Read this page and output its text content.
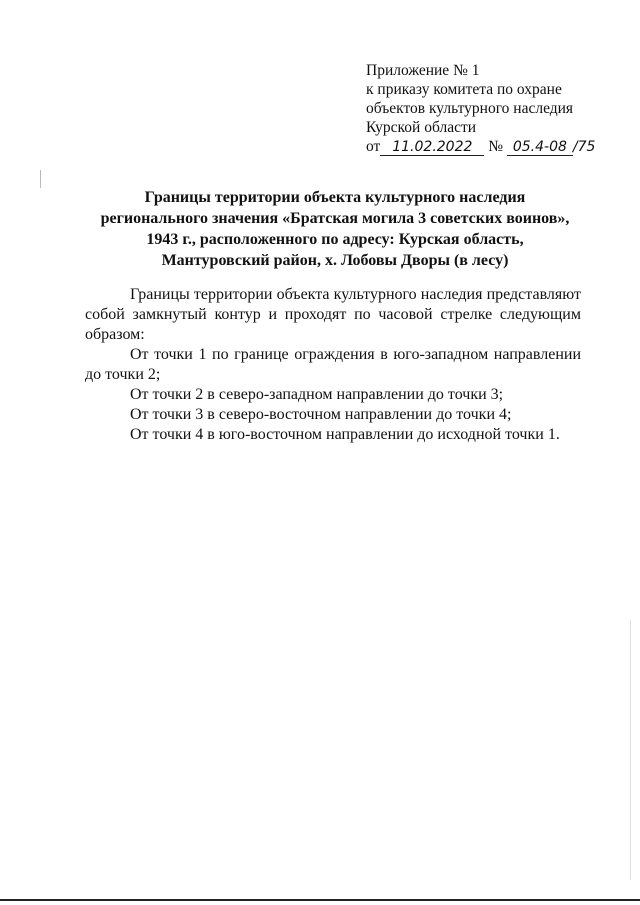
Приложение № 1
к приказу комитета по охране
объектов культурного наследия
Курской области
от 11.02.2022 № 05.4-08 /75
Границы территории объекта культурного наследия
регионального значения «Братская могила 3 советских воинов»,
1943 г., расположенного по адресу: Курская область,
Мантуровский район, х. Лобовы Дворы (в лесу)

Границы территории объекта культурного наследия представляют собой замкнутый контур и проходят по часовой стрелке следующим образом:

От точки 1 по границе ограждения в юго-западном направлении до точки 2;

От точки 2 в северо-западном направлении до точки 3;

От точки 3 в северо-восточном направлении до точки 4;

От точки 4 в юго-восточном направлении до исходной точки 1.
